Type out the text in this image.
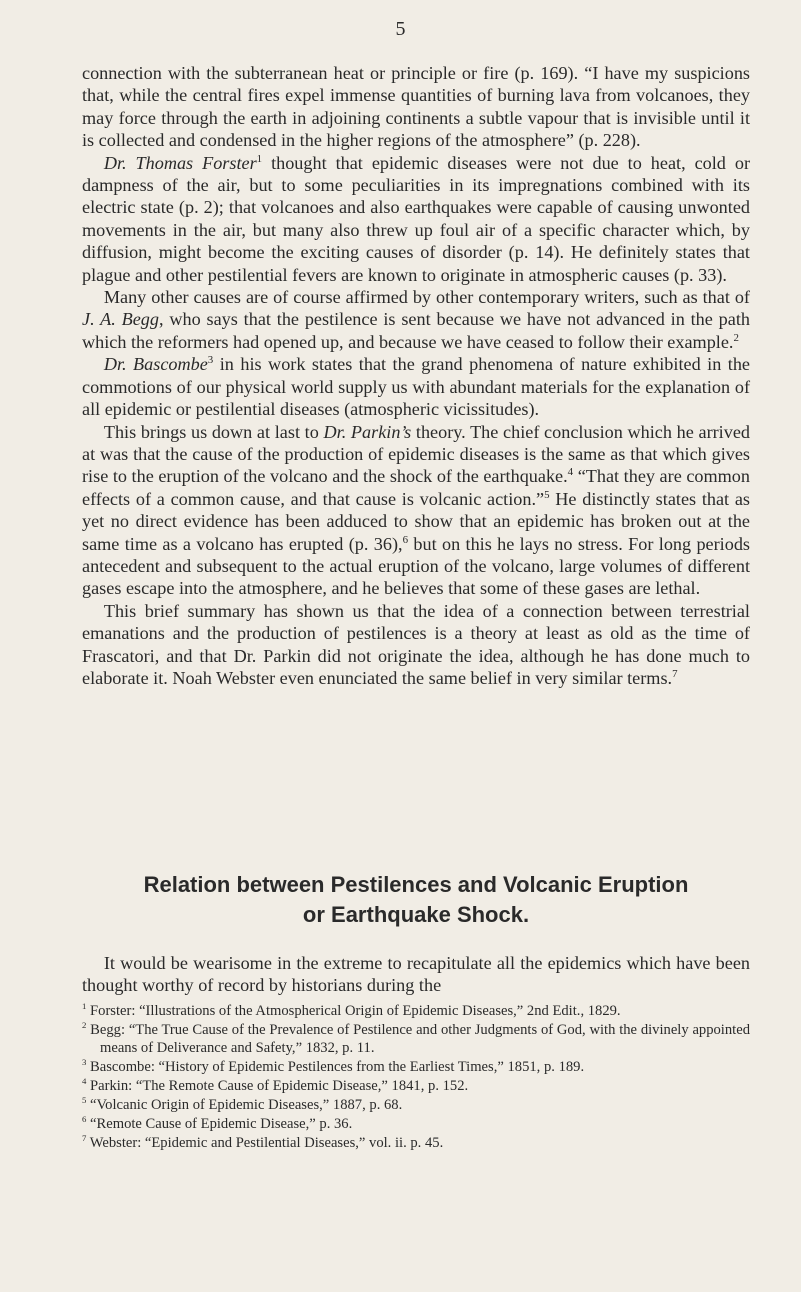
5

connection with the subterranean heat or principle or fire (p. 169). “I have my suspicions that, while the central fires expel immense quantities of burning lava from volcanoes, they may force through the earth in adjoining continents a subtle vapour that is invisible until it is collected and condensed in the higher regions of the atmosphere” (p. 228).

Dr. Thomas Forster$^1$ thought that epidemic diseases were not due to heat, cold or dampness of the air, but to some peculiarities in its impregnations combined with its electric state (p. 2); that volcanoes and also earthquakes were capable of causing unwonted movements in the air, but many also threw up foul air of a specific character which, by diffusion, might become the exciting causes of disorder (p. 14). He definitely states that plague and other pestilential fevers are known to originate in atmospheric causes (p. 33).

Many other causes are of course affirmed by other contemporary writers, such as that of J. A. Begg, who says that the pestilence is sent because we have not advanced in the path which the reformers had opened up, and because we have ceased to follow their example.$^2$

Dr. Bascombe$^3$ in his work states that the grand phenomena of nature exhibited in the commotions of our physical world supply us with abundant materials for the explanation of all epidemic or pestilential diseases (atmospheric vicissitudes).

This brings us down at last to Dr. Parkin’s theory. The chief conclusion which he arrived at was that the cause of the production of epidemic diseases is the same as that which gives rise to the eruption of the volcano and the shock of the earthquake.$^4$ “That they are common effects of a common cause, and that cause is volcanic action.”$^5$ He distinctly states that as yet no direct evidence has been adduced to show that an epidemic has broken out at the same time as a volcano has erupted (p. 36),$^6$ but on this he lays no stress. For long periods antecedent and subsequent to the actual eruption of the volcano, large volumes of different gases escape into the atmosphere, and he believes that some of these gases are lethal.

This brief summary has shown us that the idea of a connection between terrestrial emanations and the production of pestilences is a theory at least as old as the time of Frascatori, and that Dr. Parkin did not originate the idea, although he has done much to elaborate it. Noah Webster even enunciated the same belief in very similar terms.$^7$

Relation between Pestilences and Volcanic Eruption
or Earthquake Shock.

It would be wearisome in the extreme to recapitulate all the epidemics which have been thought worthy of record by historians during the

$^1$ Forster: “Illustrations of the Atmospherical Origin of Epidemic Diseases,” 2nd Edit., 1829.
$^2$ Begg: “The True Cause of the Prevalence of Pestilence and other Judgments of God, with the divinely appointed means of Deliverance and Safety,” 1832, p. 11.
$^3$ Bascombe: “History of Epidemic Pestilences from the Earliest Times,” 1851, p. 189.
$^4$ Parkin: “The Remote Cause of Epidemic Disease,” 1841, p. 152.
$^5$ “Volcanic Origin of Epidemic Diseases,” 1887, p. 68.
$^6$ “Remote Cause of Epidemic Disease,” p. 36.
$^7$ Webster: “Epidemic and Pestilential Diseases,” vol. ii. p. 45.
